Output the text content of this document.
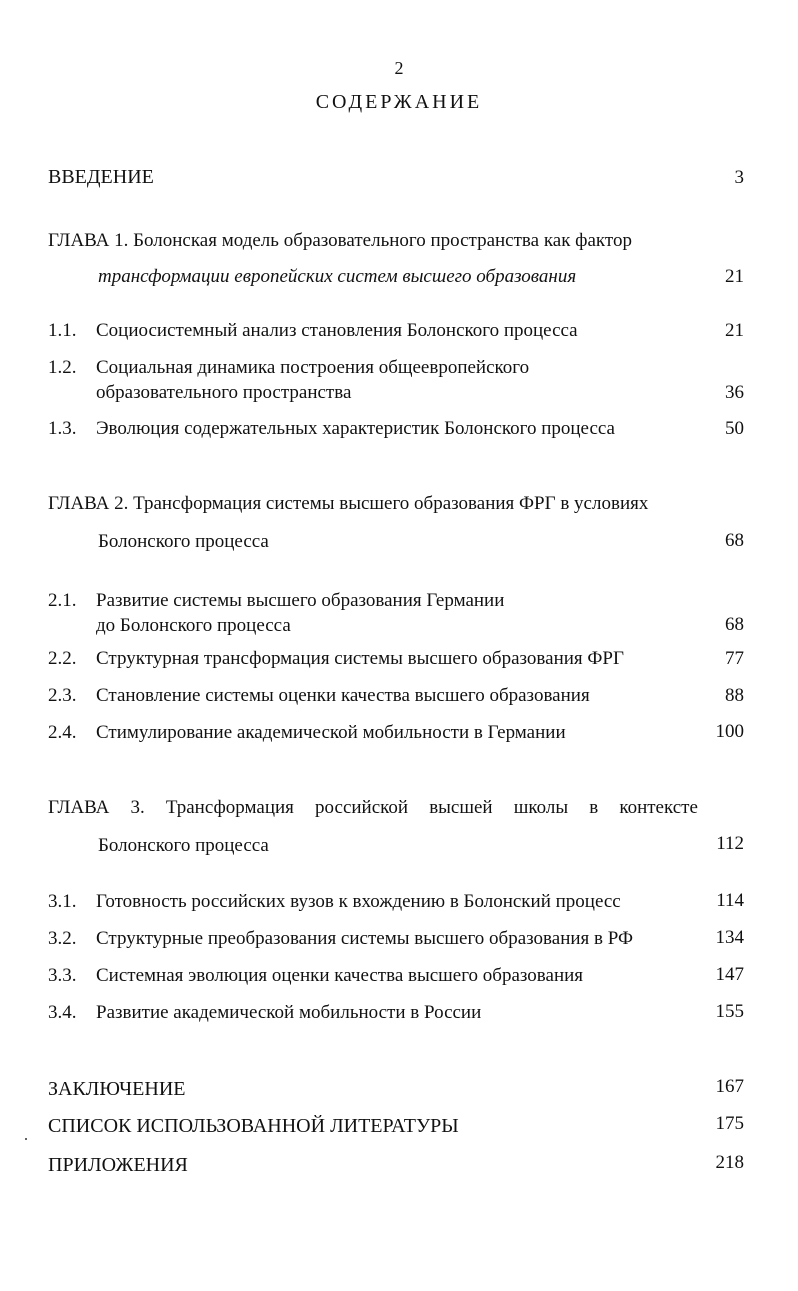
2
СОДЕРЖАНИЕ
ВВЕДЕНИЕ	3
ГЛАВА 1. Болонская модель образовательного пространства как фактор
трансформации европейских систем высшего образования	21
1.1. Социосистемный анализ становления Болонского процесса	21
1.2. Социальная динамика построения общеевропейского
образовательного пространства	36
1.3. Эволюция содержательных характеристик Болонского процесса	50
ГЛАВА 2. Трансформация системы высшего образования ФРГ в условиях
Болонского процесса	68
2.1. Развитие системы высшего образования Германии
до Болонского процесса	68
2.2. Структурная трансформация системы высшего образования ФРГ	77
2.3. Становление системы оценки качества высшего образования	88
2.4. Стимулирование академической мобильности в Германии	100
ГЛАВА 3. Трансформация российской высшей школы в контексте
Болонского процесса	112
3.1. Готовность российских вузов к вхождению в Болонский процесс	114
3.2. Структурные преобразования системы высшего образования в РФ	134
3.3. Системная эволюция оценки качества высшего образования	147
3.4. Развитие академической мобильности в России	155
ЗАКЛЮЧЕНИЕ	167
СПИСОК ИСПОЛЬЗОВАННОЙ ЛИТЕРАТУРЫ	175
ПРИЛОЖЕНИЯ	218
